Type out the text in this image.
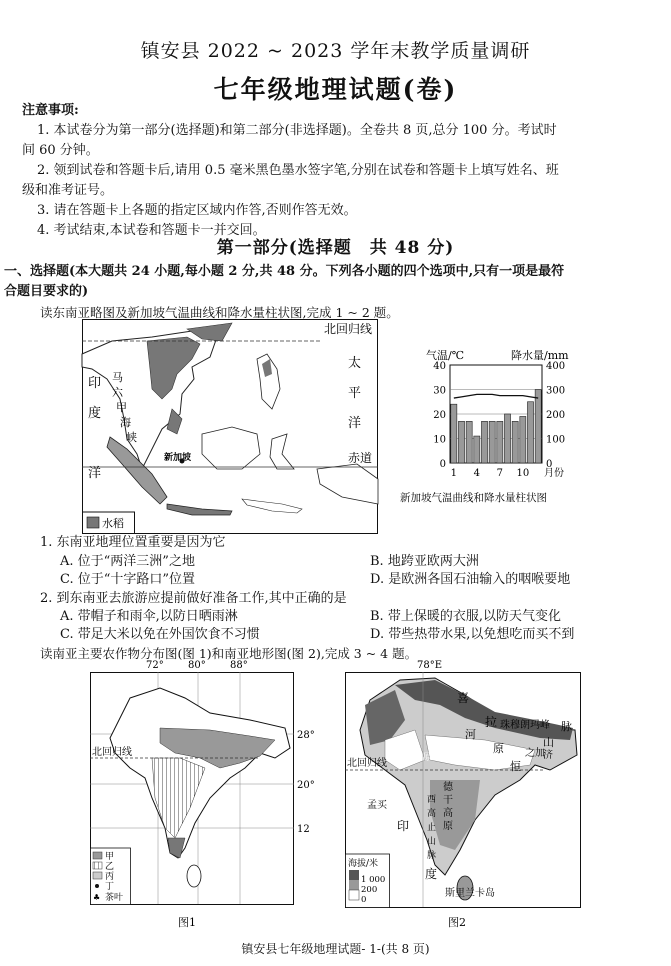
镇安县 2022 ~ 2023 学年末教学质量调研
七年级地理试题(卷)
注意事项:

1. 本试卷分为第一部分(选择题)和第二部分(非选择题)。全卷共 8 页,总分 100 分。考试时

间 60 分钟。

2. 领到试卷和答题卡后,请用 0.5 毫米黑色墨水签字笔,分别在试卷和答题卡上填写姓名、班

级和准考证号。

3. 请在答题卡上各题的指定区域内作答,否则作答无效。

4. 考试结束,本试卷和答题卡一并交回。

第一部分(选择题　共 48 分)
一、选择题(本大题共 24 小题,每小题 2 分,共 48 分。下列各小题的四个选项中,只有一项是最符
合题目要求的)
读东南亚略图及新加坡气温曲线和降水量柱状图,完成 1 ~ 2 题。
北回归线
太
平
洋
印
度
洋
马
六
甲
海
峡
新加坡	赤道
水稻
气温/℃	降水量/mm
0
10
20
30
40
0
100
200
300
400
1 4 7 10 月份
新加坡气温曲线和降水量柱状图
1. 东南亚地理位置重要是因为它
A. 位于“两洋三洲”之地	B. 地跨亚欧两大洲
C. 位于“十字路口”位置	D. 是欧洲各国石油输入的咽喉要地
2. 到东南亚去旅游应提前做好准备工作,其中正确的是
A. 带帽子和雨伞,以防日晒雨淋	B. 带上保暖的衣服,以防天气变化
C. 带足大米以免在外国饮食不习惯	D. 带些热带水果,以免想吃而买不到
读南亚主要农作物分布图(图 1)和南亚地形图(图 2),完成 3 ~ 4 题。
72° 80° 88°
北回归线
28°
20°
12
甲
乙
丙
丁
♣ 茶叶
图1
78°E
喜
拉 珠穆朗玛峰
山
脉
印度河平原
北回归线
河
原
恒
之加
济
孟买
印
度
德
干
高
原
西
高
止
山
脉
斯里兰卡岛
海拔/米
1 000
200
0
图2
镇安县七年级地理试题- 1-(共 8 页)
